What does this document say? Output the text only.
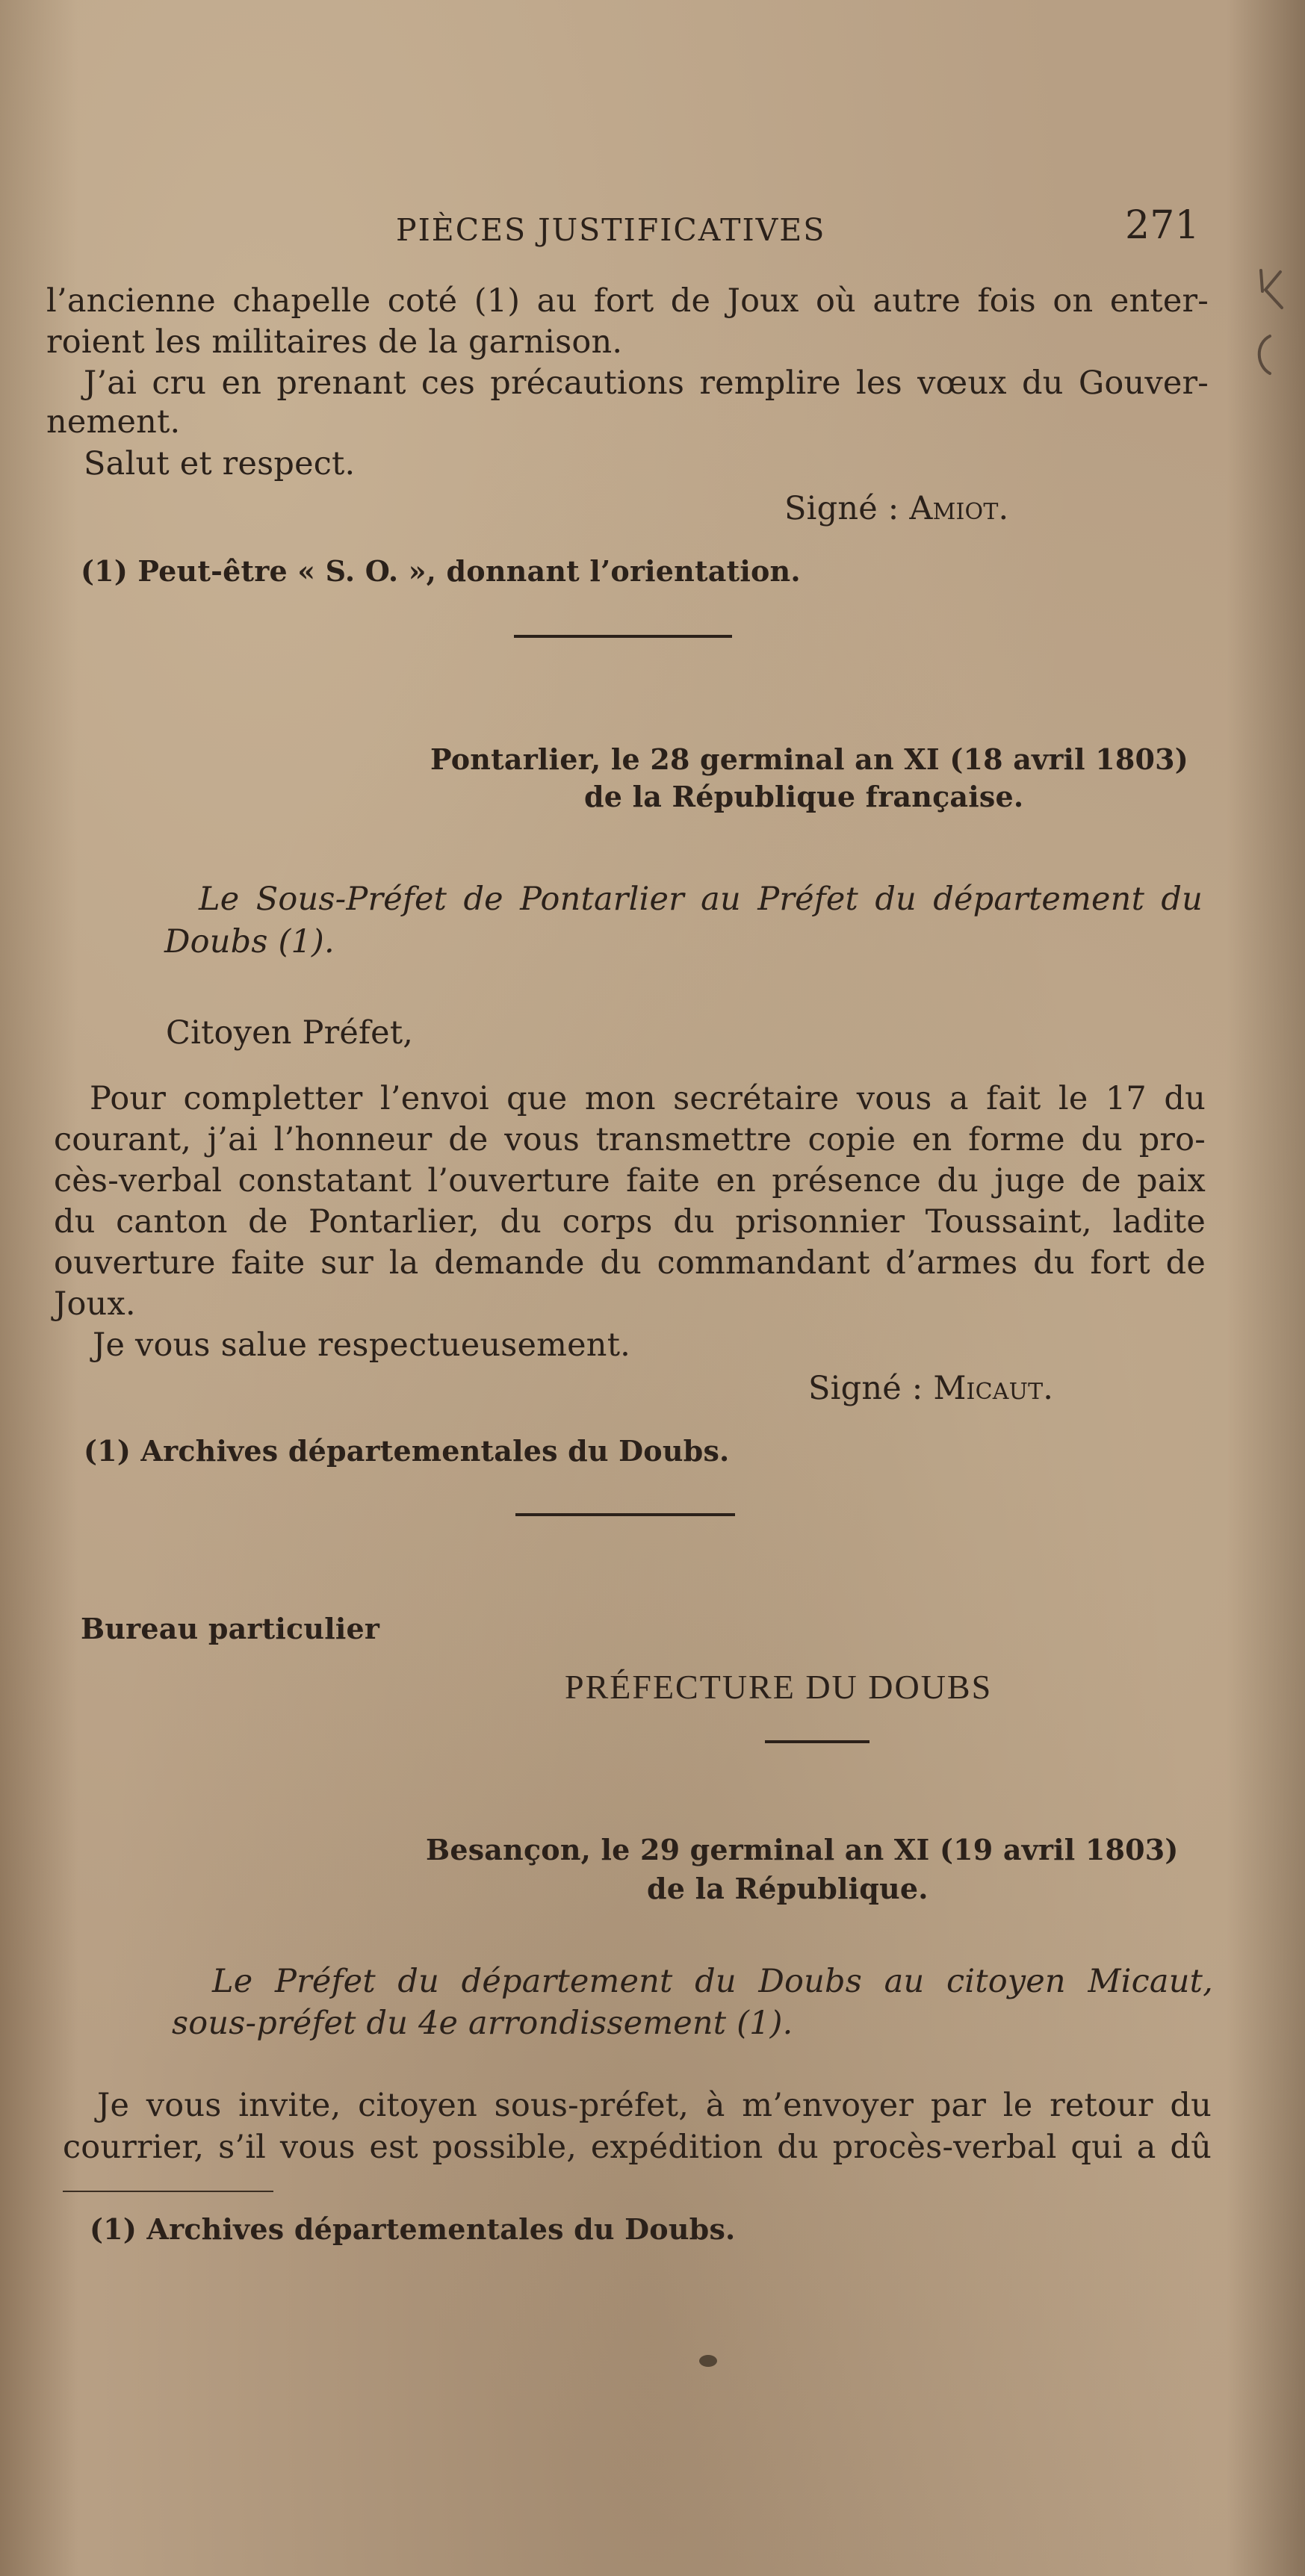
PIÈCES JUSTIFICATIVES	271
l’ancienne chapelle coté (1) au fort de Joux où autre fois on enter-
roient les militaires de la garnison.
J’ai cru en prenant ces précautions remplire les vœux du Gouver-
nement.
Salut et respect.
Signé : Amiot.
(1) Peut-être « S. O. », donnant l’orientation.
Pontarlier, le 28 germinal an XI (18 avril 1803)
de la République française.
Le Sous-Préfet de Pontarlier au Préfet du département du
Doubs (1).
Citoyen Préfet,
Pour completter l’envoi que mon secrétaire vous a fait le 17 du
courant, j’ai l’honneur de vous transmettre copie en forme du pro-
cès-verbal constatant l’ouverture faite en présence du juge de paix
du canton de Pontarlier, du corps du prisonnier Toussaint, ladite
ouverture faite sur la demande du commandant d’armes du fort de
Joux.
Je vous salue respectueusement.
Signé : Micaut.
(1) Archives départementales du Doubs.
Bureau particulier
PRÉFECTURE DU DOUBS
Besançon, le 29 germinal an XI (19 avril 1803)
de la République.
Le Préfet du département du Doubs au citoyen Micaut,
sous-préfet du 4e arrondissement (1).
Je vous invite, citoyen sous-préfet, à m’envoyer par le retour du
courrier, s’il vous est possible, expédition du procès-verbal qui a dû
(1) Archives départementales du Doubs.
